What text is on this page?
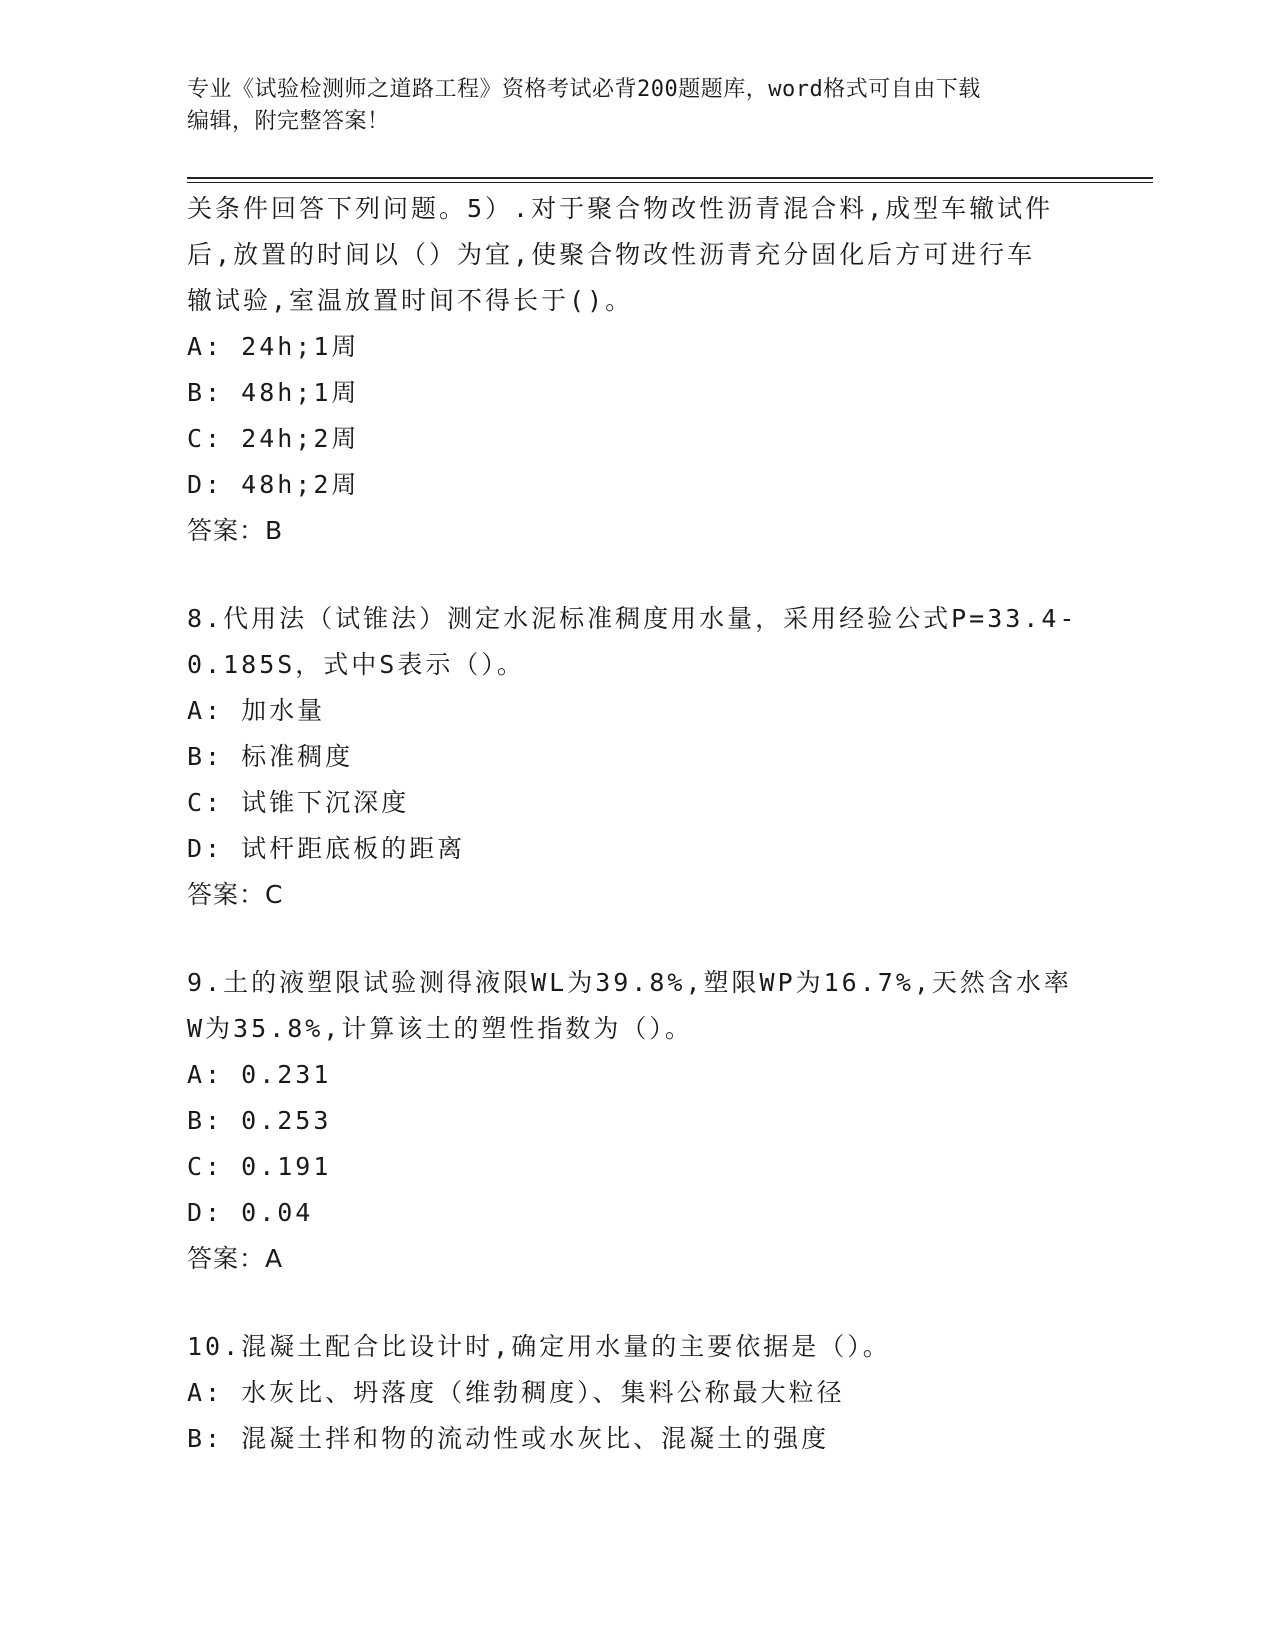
专业《试验检测师之道路工程》资格考试必背200题题库，word格式可自由下载
编辑，附完整答案！
关条件回答下列问题。5）.对于聚合物改性沥青混合料,成型车辙试件
后,放置的时间以（）为宜,使聚合物改性沥青充分固化后方可进行车
辙试验,室温放置时间不得长于()。
A: 24h;1周
B: 48h;1周
C: 24h;2周
D: 48h;2周
答案：B
8.代用法（试锥法）测定水泥标准稠度用水量，采用经验公式P=33.4-
0.185S，式中S表示（）。
A: 加水量
B: 标准稠度
C: 试锥下沉深度
D: 试杆距底板的距离
答案：C
9.土的液塑限试验测得液限WL为39.8%,塑限WP为16.7%,天然含水率
W为35.8%,计算该土的塑性指数为（）。
A: 0.231
B: 0.253
C: 0.191
D: 0.04
答案：A
10.混凝土配合比设计时,确定用水量的主要依据是（）。
A: 水灰比、坍落度（维勃稠度）、集料公称最大粒径
B: 混凝土拌和物的流动性或水灰比、混凝土的强度
